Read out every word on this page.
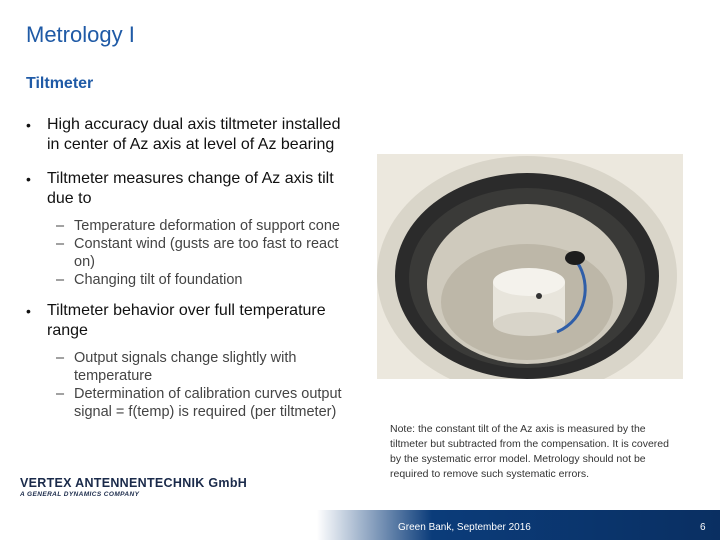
Metrology I
Tiltmeter
• High accuracy dual axis tiltmeter installed in center of Az axis at level of Az bearing
• Tiltmeter measures change of Az axis tilt due to
– Temperature deformation of support cone
– Constant wind (gusts are too fast to react on)
– Changing tilt of foundation
• Tiltmeter behavior over full temperature range
– Output signals change slightly with temperature
– Determination of calibration curves output signal = f(temp) is required (per tiltmeter)
Note: the constant tilt of the Az axis is measured by the tiltmeter but subtracted from the compensation. It is covered by the systematic error model. Metrology should not be required to remove such systematic errors.
VERTEX ANTENNENTECHNIK GmbH
A GENERAL DYNAMICS COMPANY
Green Bank, September 2016	6
